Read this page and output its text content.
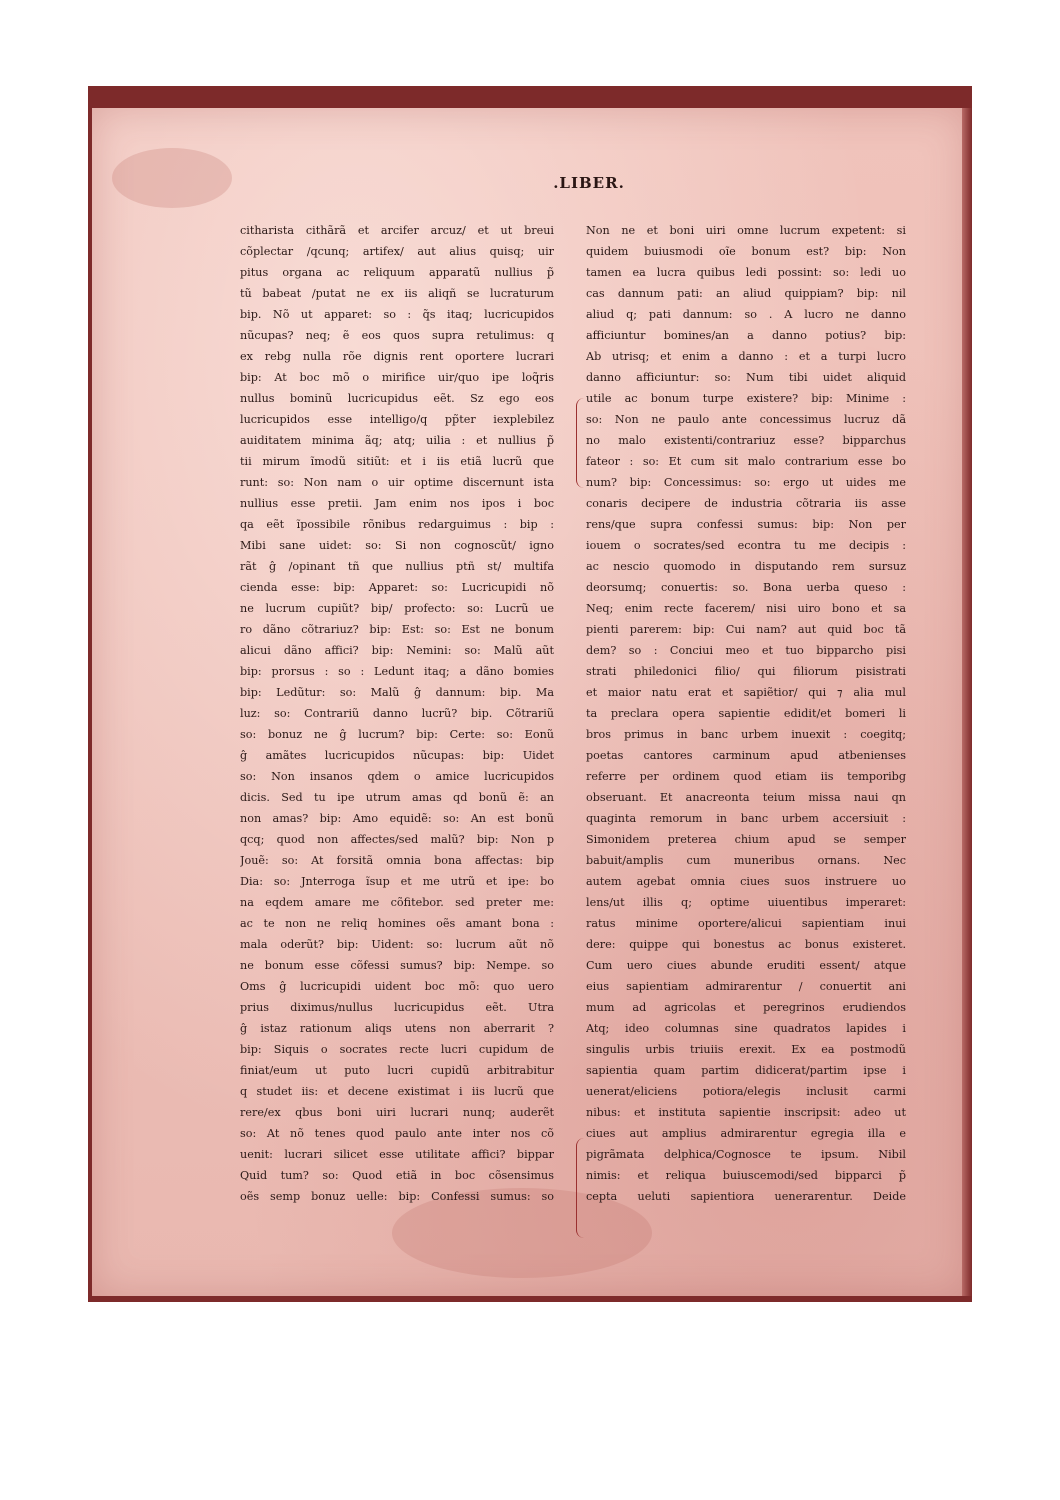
.LIBER.
citharista cithãrã et arcifer arcuz/ et ut breui
cõplectar /qcunq; artifex/ aut alius quisq; uir
pitus organa ac reliquum apparatũ nullius p̃
tũ babeat /putat ne ex iis aliqñ se lucraturum
bip. Nõ ut apparet: so : q̃s itaq; lucricupidos
nũcupas? neq; ẽ eos quos supra retulimus: q
ex rebg nulla rõe dignis rent oportere lucrari
bip: At boc mõ o mirifice uir/quo ipe loq̃ris
nullus bominũ lucricupidus eẽt. Sz ego eos
lucricupidos esse intelligo/q pp̃ter iexplebilez
auiditatem minima ãq; atq; uilia : et nullius p̃
tii mirum ĩmodũ sitiũt: et i iis etiã lucrũ que
runt: so: Non nam o uir optime discernunt ista
nullius esse pretii. Jam enim nos ipos i boc
qa eẽt ĩpossibile rõnibus redarguimus : bip :
Mibi sane uidet: so: Si non cognoscũt/ igno
rãt ĝ /opinant tñ que nullius ptñ st/ multifa
cienda esse: bip: Apparet: so: Lucricupidi nõ
ne lucrum cupiũt? bip/ profecto: so: Lucrũ ue
ro dãno cõtrariuz? bip: Est: so: Est ne bonum
alicui dãno affici? bip: Nemini: so: Malũ aũt
bip: prorsus : so : Ledunt itaq; a dãno bomies
bip: Ledũtur: so: Malũ ĝ dannum: bip. Ma
luz: so: Contrariũ danno lucrũ? bip. Cõtrariũ
so: bonuz ne ĝ lucrum? bip: Certe: so: Eonũ
ĝ amãtes lucricupidos nũcupas: bip: Uidet
so: Non insanos qdem o amice lucricupidos
dicis. Sed tu ipe utrum amas qd bonũ ẽ: an
non amas? bip: Amo equidẽ: so: An est bonũ
qcq; quod non affectes/sed malũ? bip: Non p
Jouẽ: so: At forsitã omnia bona affectas: bip
Dia: so: Jnterroga ĩsup et me utrũ et ipe: bo
na eqdem amare me cõfitebor. sed preter me:
ac te non ne reliq homines oẽs amant bona :
mala oderũt? bip: Uident: so: lucrum aũt nõ
ne bonum esse cõfessi sumus? bip: Nempe. so
Oms ĝ lucricupidi uident boc mõ: quo uero
prius diximus/nullus lucricupidus eẽt. Utra
ĝ istaz rationum aliqs utens non aberrarit ?
bip: Siquis o socrates recte lucri cupidum de
finiat/eum ut puto lucri cupidũ arbitrabitur
q studet iis: et decene existimat i iis lucrũ que
rere/ex qbus boni uiri lucrari nunq; auderẽt
so: At nõ tenes quod paulo ante inter nos cõ
uenit: lucrari silicet esse utilitate affici? bippar
Quid tum? so: Quod etiã in boc cõsensimus
oẽs semp bonuz uelle: bip: Confessi sumus: so
Non ne et boni uiri omne lucrum expetent: si
quidem buiusmodi oĩe bonum est? bip: Non
tamen ea lucra quibus ledi possint: so: ledi uo
cas dannum pati: an aliud quippiam? bip: nil
aliud q; pati dannum: so . A lucro ne danno
afficiuntur bomines/an a danno potius? bip:
Ab utrisq; et enim a danno : et a turpi lucro
danno afficiuntur: so: Num tibi uidet aliquid
utile ac bonum turpe existere? bip: Minime :
so: Non ne paulo ante concessimus lucruz dã
no malo existenti/contrariuz esse? bipparchus
fateor : so: Et cum sit malo contrarium esse bo
num? bip: Concessimus: so: ergo ut uides me
conaris decipere de industria cõtraria iis asse
rens/que supra confessi sumus: bip: Non per
iouem o socrates/sed econtra tu me decipis :
ac nescio quomodo in disputando rem sursuz
deorsumq; conuertis: so. Bona uerba queso :
Neq; enim recte facerem/ nisi uiro bono et sa
pienti parerem: bip: Cui nam? aut quid boc tã
dem? so : Conciui meo et tuo bipparcho pisi
strati philedonici filio/ qui filiorum pisistrati
et maior natu erat et sapiẽtior/ qui ⁊ alia mul
ta preclara opera sapientie edidit/et bomeri li
bros primus in banc urbem inuexit : coegitq;
poetas cantores carminum apud atbenienses
referre per ordinem quod etiam iis temporibg
obseruant. Et anacreonta teium missa naui qn
quaginta remorum in banc urbem accersiuit :
Simonidem preterea chium apud se semper
babuit/amplis cum muneribus ornans. Nec
autem agebat omnia ciues suos instruere uo
lens/ut illis q; optime uiuentibus imperaret:
ratus minime oportere/alicui sapientiam inui
dere: quippe qui bonestus ac bonus existeret.
Cum uero ciues abunde eruditi essent/ atque
eius sapientiam admirarentur / conuertit ani
mum ad agricolas et peregrinos erudiendos
Atq; ideo columnas sine quadratos lapides i
singulis urbis triuiis erexit. Ex ea postmodũ
sapientia quam partim didicerat/partim ipse i
uenerat/eliciens potiora/elegis inclusit carmi
nibus: et instituta sapientie inscripsit: adeo ut
ciues aut amplius admirarentur egregia illa e
pigrãmata delphica/Cognosce te ipsum. Nibil
nimis: et reliqua buiuscemodi/sed bipparci p̃
cepta ueluti sapientiora uenerarentur. Deide
